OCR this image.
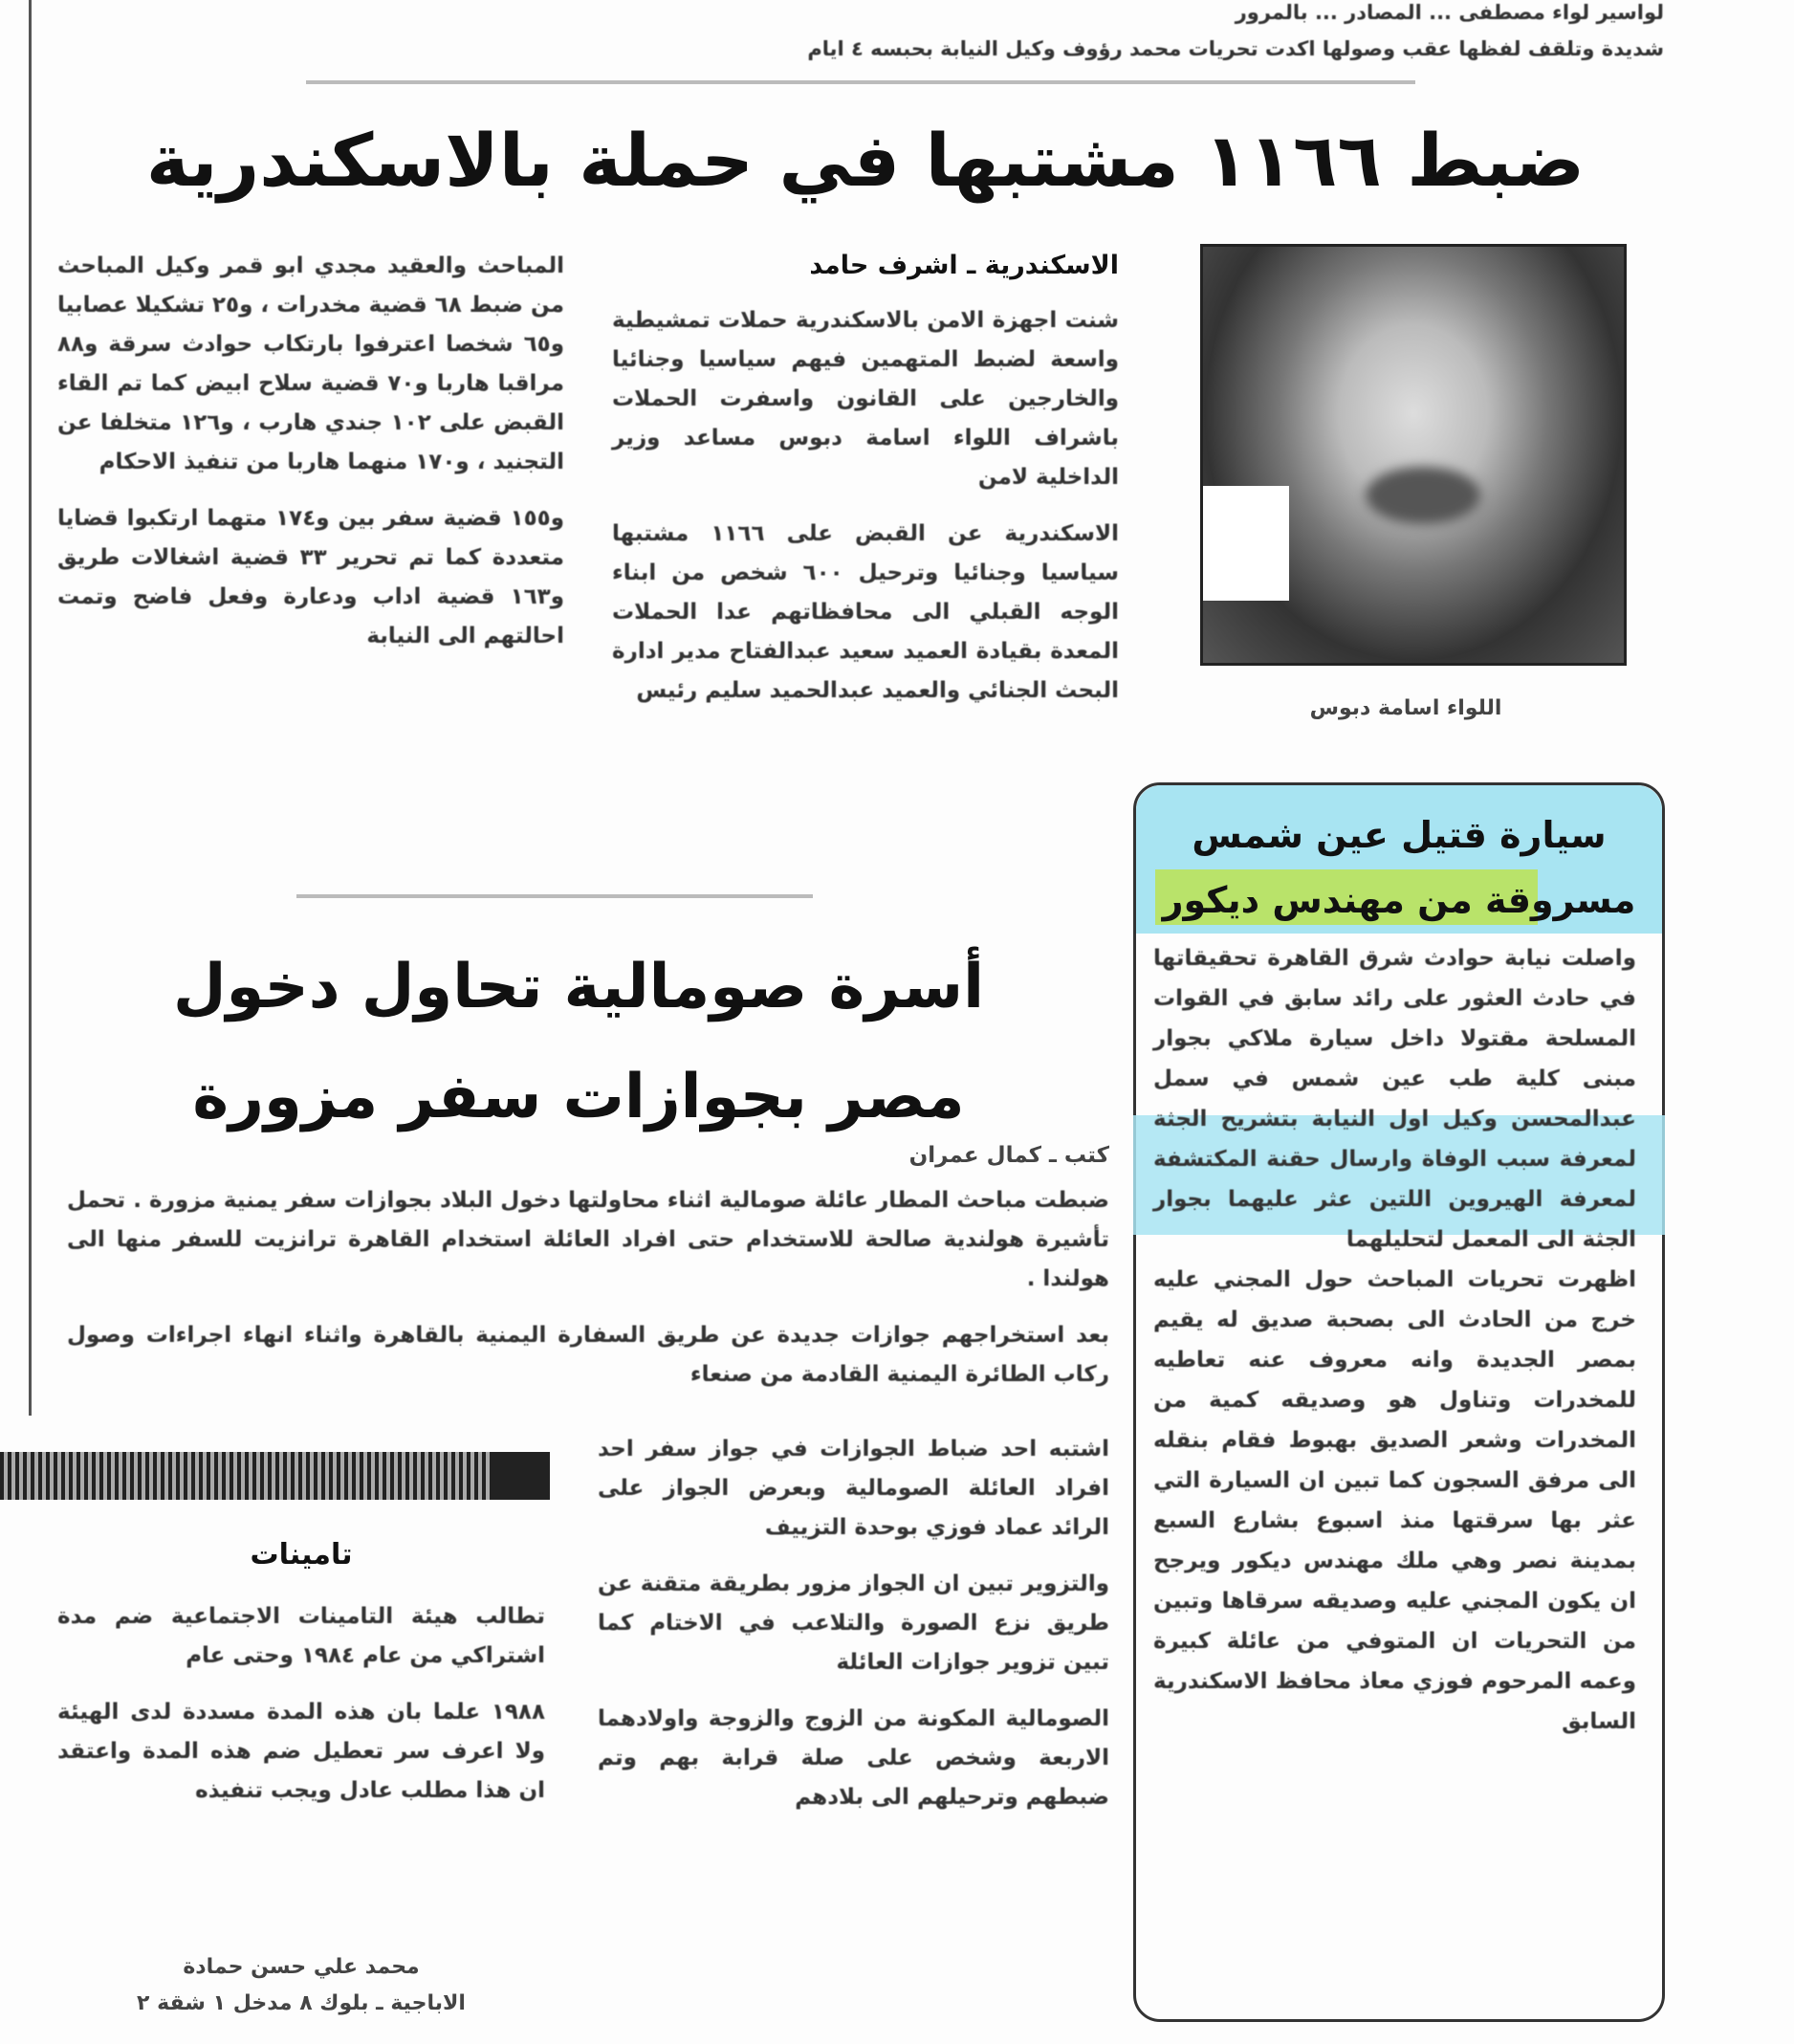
لواسير لواء مصطفى ... المصادر ... بالمرور
شديدة وتلقف لفظها عقب وصولها اكدت تحريات محمد رؤوف وكيل النيابة بحبسه ٤ ايام
ضبط ١١٦٦ مشتبها في حملة بالاسكندرية
اللواء اسامة دبوس
الاسكندرية ـ اشرف حامد

شنت اجهزة الامن بالاسكندرية حملات تمشيطية واسعة لضبط المتهمين فيهم سياسيا وجنائيا والخارجين على القانون واسفرت الحملات باشراف اللواء اسامة دبوس مساعد وزير الداخلية لامن

الاسكندرية عن القبض على ١١٦٦ مشتبها سياسيا وجنائيا وترحيل ٦٠٠ شخص من ابناء الوجه القبلي الى محافظاتهم عدا الحملات المعدة بقيادة العميد سعيد عبدالفتاح مدير ادارة البحث الجنائي والعميد عبدالحميد سليم رئيس

المباحث والعقيد مجدي ابو قمر وكيل المباحث من ضبط ٦٨ قضية مخدرات ، و٢٥ تشكيلا عصابيا و٦٥ شخصا اعترفوا بارتكاب حوادث سرقة و٨٨ مراقبا هاربا و٧٠ قضية سلاح ابيض كما تم القاء القبض على ١٠٢ جندي هارب ، و١٢٦ متخلفا عن التجنيد ، و١٧٠ منهما هاربا من تنفيذ الاحكام

و١٥٥ قضية سفر بين و١٧٤ متهما ارتكبوا قضايا متعددة كما تم تحرير ٣٣ قضية اشغالات طريق و١٦٣ قضية اداب ودعارة وفعل فاضح وتمت احالتهم الى النيابة

سيارة قتيل عين شمس
مسروقة من مهندس ديكور
واصلت نيابة حوادث شرق القاهرة تحقيقاتها في حادث العثور على رائد سابق في القوات المسلحة مقتولا داخل سيارة ملاكي بجوار مبنى كلية طب عين شمس في سمل عبدالمحسن وكيل اول النيابة بتشريح الجثة لمعرفة سبب الوفاة وارسال حقنة المكتشفة لمعرفة الهيروين اللتين عثر عليهما بجوار الجثة الى المعمل لتحليلهما

اظهرت تحريات المباحث حول المجني عليه خرج من الحادث الى بصحبة صديق له يقيم بمصر الجديدة وانه معروف عنه تعاطيه للمخدرات وتناول هو وصديقه كمية من المخدرات وشعر الصديق بهبوط فقام بنقله الى مرفق السجون كما تبين ان السيارة التي عثر بها سرقتها منذ اسبوع بشارع السبع بمدينة نصر وهي ملك مهندس ديكور ويرجح ان يكون المجني عليه وصديقه سرقاها وتبين من التحريات ان المتوفي من عائلة كبيرة وعمه المرحوم فوزي معاذ محافظ الاسكندرية السابق

أسرة صومالية تحاول دخول
مصر بجوازات سفر مزورة
كتب ـ كمال عمران

ضبطت مباحث المطار عائلة صومالية اثناء محاولتها دخول البلاد بجوازات سفر يمنية مزورة . تحمل تأشيرة هولندية صالحة للاستخدام حتى افراد العائلة استخدام القاهرة ترانزيت للسفر منها الى هولندا .

بعد استخراجهم جوازات جديدة عن طريق السفارة اليمنية بالقاهرة واثناء انهاء اجراءات وصول ركاب الطائرة اليمنية القادمة من صنعاء

اشتبه احد ضباط الجوازات في جواز سفر احد افراد العائلة الصومالية وبعرض الجواز على الرائد عماد فوزي بوحدة التزييف

والتزوير تبين ان الجواز مزور بطريقة متقنة عن طريق نزع الصورة والتلاعب في الاختام كما تبين تزوير جوازات العائلة

الصومالية المكونة من الزوج والزوجة واولادهما الاربعة وشخص على صلة قرابة بهم وتم ضبطهم وترحيلهم الى بلادهم

تامينات

تطالب هيئة التامينات الاجتماعية ضم مدة اشتراكي من عام ١٩٨٤ وحتى عام

١٩٨٨ علما بان هذه المدة مسددة لدى الهيئة ولا اعرف سر تعطيل ضم هذه المدة واعتقد ان هذا مطلب عادل ويجب تنفيذه

محمد علي حسن حمادة
الاباجية ـ بلوك ٨ مدخل ١ شقة ٢
